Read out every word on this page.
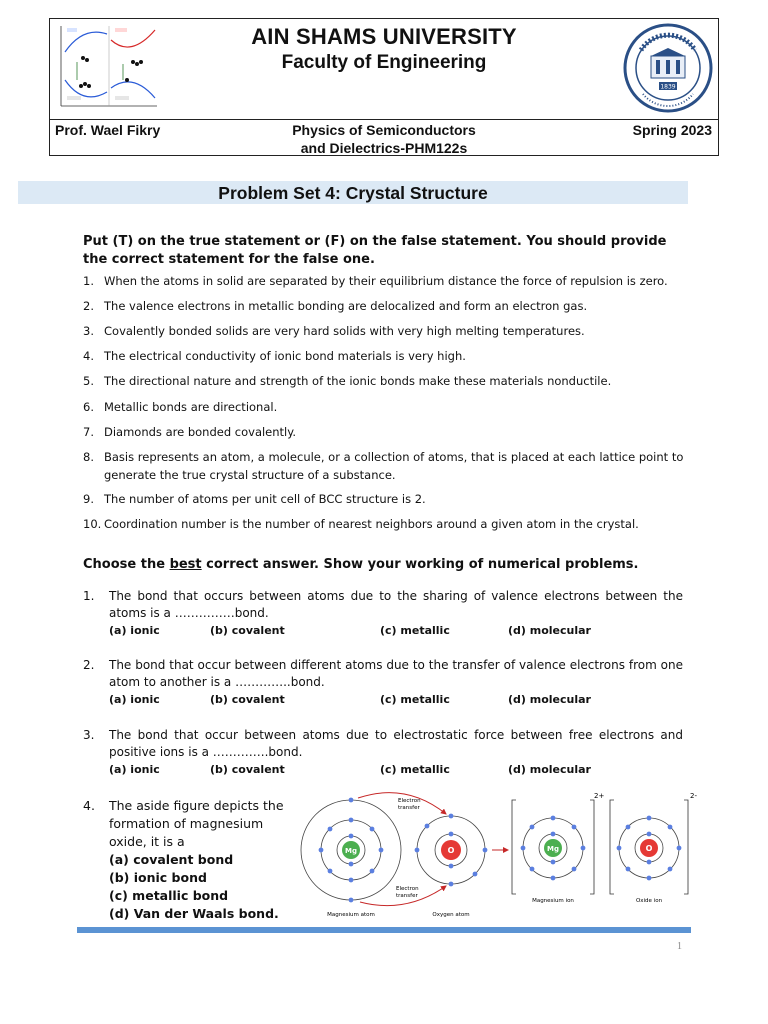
AIN SHAMS UNIVERSITY
Faculty of Engineering
1839
Prof. Wael Fikry	Physics of Semiconductors
and Dielectrics-PHM122s
Spring 2023
Problem Set 4: Crystal Structure
Put (T) on the true statement or (F) on the false statement. You should provide the correct statement for the false one.
1. When the atoms in solid are separated by their equilibrium distance the force of repulsion is zero.
2. The valence electrons in metallic bonding are delocalized and form an electron gas.
3. Covalently bonded solids are very hard solids with very high melting temperatures.
4. The electrical conductivity of ionic bond materials is very high.
5. The directional nature and strength of the ionic bonds make these materials nonductile.
6. Metallic bonds are directional.
7. Diamonds are bonded covalently.
8. Basis represents an atom, a molecule, or a collection of atoms, that is placed at each lattice point to generate the true crystal structure of a substance.
9. The number of atoms per unit cell of BCC structure is 2.
10. Coordination number is the number of nearest neighbors around a given atom in the crystal.
Choose the best correct answer. Show your working of numerical problems.
1. The bond that occurs between atoms due to the sharing of valence electrons between the atoms is a ……………bond.
(a) ionic	(b) covalent	(c) metallic	(d) molecular
2. The bond that occur between different atoms due to the transfer of valence electrons from one atom to another is a …………..bond.
(a) ionic	(b) covalent	(c) metallic	(d) molecular
3. The bond that occur between atoms due to electrostatic force between free electrons and positive ions is a …………..bond.
(a) ionic	(b) covalent	(c) metallic	(d) molecular
4. The aside figure depicts the
formation of magnesium
oxide, it is a
(a) covalent bond
(b) ionic bond
(c) metallic bond
(d) Van der Waals bond.
Mg	O
Electron
transfer
Electron
transfer
Mg
2+
O
2-
Magnesium atom	Oxygen atom
Magnesium ion	Oxide ion
1
